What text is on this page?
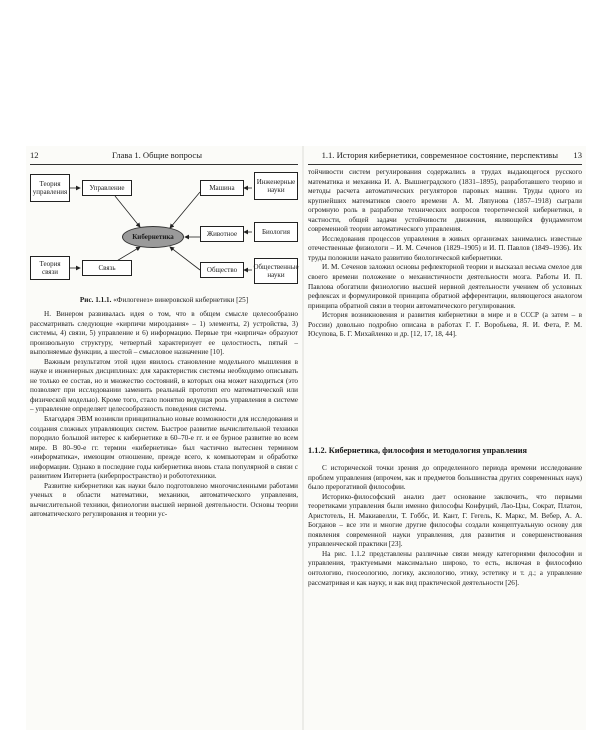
12	Глава 1. Общие вопросы
Теория управления
Теория связи
Управление
Связь
Кибернетика
Машина
Животное
Общество
Инженерные науки
Биология
Общественные науки
Рис. 1.1.1. «Филогенез» винеровской кибернетики [25]

Н. Винером развивалась идея о том, что в общем смысле целесообразно рассматривать следующие «кирпичи мироздания» – 1) элементы, 2) устройства, 3) системы, 4) связи, 5) управление и 6) информацию. Первые три «кирпича» образуют произвольную структуру, четвертый характеризует ее целостность, пятый – выполняемые функции, а шестой – смысловое назначение [10].

Важным результатом этой идеи явилось становление модельного мышления в науке и инженерных дисциплинах: для характеристик системы необходимо описывать не только ее состав, но и множество состояний, в которых она может находиться (это позволяет при исследовании заменить реальный прототип его математической или физической моделью). Кроме того, стало понятно ведущая роль управления в системе – управление определяет целесообразность поведения системы.

Благодаря ЭВМ возникли принципиально новые возможности для исследования и создания сложных управляющих систем. Быстрое развитие вычислительной техники породило большой интерес к кибернетике в 60–70-е гг. и ее бурное развитие во всем мире. В 80–90-е гг. термин «кибернетика» был частично вытеснен термином «информатика», имеющим отношение, прежде всего, к компьютерам и обработке информации. Однако в последние годы кибернетика вновь стала популярной в связи с развитием Интернета (киберпространство) и робототехники.

Развитие кибернетики как науки было подготовлено многочисленными работами ученых в области математики, механики, автоматического управления, вычислительной техники, физиологии высшей нервной деятельности. Основы теории автоматического регулирования и теории ус-

1.1. История кибернетики, современное состояние, перспективы 13

тойчивости систем регулирования содержались в трудах выдающегося русского математика и механика И. А. Вышнеградского (1831–1895), разработавшего теорию и методы расчета автоматических регуляторов паровых машин. Труды одного из крупнейших математиков своего времени А. М. Ляпунова (1857–1918) сыграли огромную роль в разработке технических вопросов теоретической кибернетики, в частности, общей задачи устойчивости движения, являющейся фундаментом современной теории автоматического управления.

Исследования процессов управления в живых организмах занимались известные отечественные физиологи – И. М. Сеченов (1829–1905) и И. П. Павлов (1849–1936). Их труды положили начало развитию биологической кибернетики.

И. М. Сеченов заложил основы рефлекторной теории и высказал весьма смелое для своего времени положение о механистичности деятельности мозга. Работы И. П. Павлова обогатили физиологию высшей нервной деятельности учением об условных рефлексах и формулировкой принципа обратной афферентации, являющегося аналогом принципа обратной связи в теории автоматического регулирования.

История возникновения и развития кибернетики в мире и в СССР (а затем – в России) довольно подробно описана в работах Г. Г. Воробьева, Я. И. Фета, Р. М. Юсупова, Б. Г. Михайленко и др. [12, 17, 18, 44].

1.1.2. Кибернетика, философия и методология управления

С исторической точки зрения до определенного периода времени исследование проблем управления (впрочем, как и предметов большинства других современных наук) было прерогативой философии.

Историко-философский анализ дает основание заключить, что первыми теоретиками управления были именно философы Конфуций, Лао-Цзы, Сократ, Платон, Аристотель, Н. Макиавелли, Т. Гоббс, И. Кант, Г. Гегель, К. Маркс, М. Вебер, А. А. Богданов – все эти и многие другие философы создали концептуальную основу для появления современной науки управления, для развития и совершенствования управленческой практики [23].

На рис. 1.1.2 представлены различные связи между категориями философии и управления, трактуемыми максимально широко, то есть, включая в философию онтологию, гносеологию, логику, аксиологию, этику, эстетику и т. д.; а управление рассматривая и как науку, и как вид практической деятельности [26].
